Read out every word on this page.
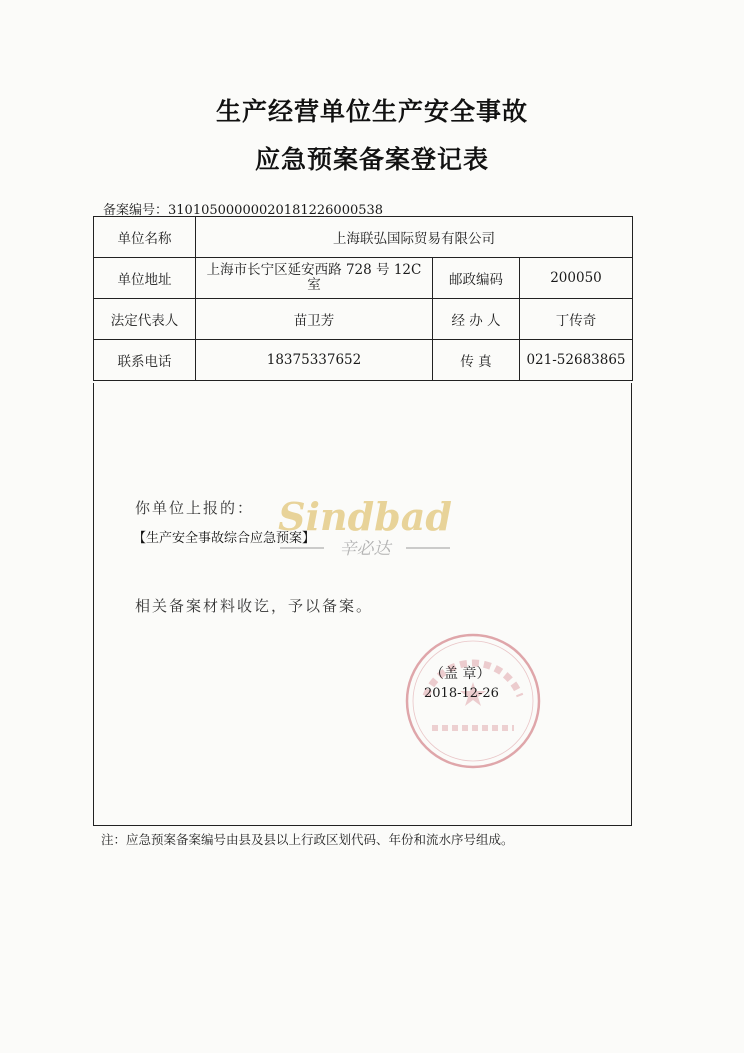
生产经营单位生产安全事故
应急预案备案登记表
备案编号：31010500000020181226000538
单位名称	上海联弘国际贸易有限公司		
单位地址	上海市长宁区延安西路 728 号 12C 室	邮政编码	200050
法定代表人	苗卫芳	经 办 人	丁传奇
联系电话	18375337652	传 真	021-52683865
你单位上报的：
【生产安全事故综合应急预案】
Sindbad
辛必达
相关备案材料收讫，予以备案。
（盖 章）
2018-12-26
注：应急预案备案编号由县及县以上行政区划代码、年份和流水序号组成。
